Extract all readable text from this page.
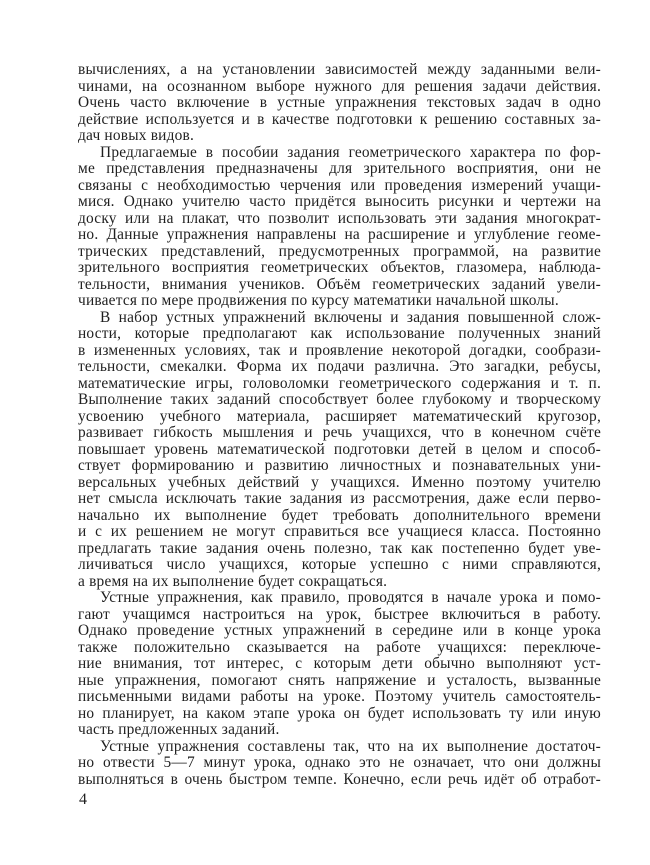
вычислениях, а на установлении зависимостей между заданными вели-
чинами, на осознанном выборе нужного для решения задачи действия.
Очень часто включение в устные упражнения текстовых задач в одно
действие используется и в качестве подготовки к решению составных за-
дач новых видов.
Предлагаемые в пособии задания геометрического характера по фор-
ме представления предназначены для зрительного восприятия, они не
связаны с необходимостью черчения или проведения измерений учащи-
мися. Однако учителю часто придётся выносить рисунки и чертежи на
доску или на плакат, что позволит использовать эти задания многократ-
но. Данные упражнения направлены на расширение и углубление геоме-
трических представлений, предусмотренных программой, на развитие
зрительного восприятия геометрических объектов, глазомера, наблюда-
тельности, внимания учеников. Объём геометрических заданий увели-
чивается по мере продвижения по курсу математики начальной школы.
В набор устных упражнений включены и задания повышенной слож-
ности, которые предполагают как использование полученных знаний
в измененных условиях, так и проявление некоторой догадки, сообрази-
тельности, смекалки. Форма их подачи различна. Это загадки, ребусы,
математические игры, головоломки геометрического содержания и т. п.
Выполнение таких заданий способствует более глубокому и творческому
усвоению учебного материала, расширяет математический кругозор,
развивает гибкость мышления и речь учащихся, что в конечном счёте
повышает уровень математической подготовки детей в целом и способ-
ствует формированию и развитию личностных и познавательных уни-
версальных учебных действий у учащихся. Именно поэтому учителю
нет смысла исключать такие задания из рассмотрения, даже если перво-
начально их выполнение будет требовать дополнительного времени
и с их решением не могут справиться все учащиеся класса. Постоянно
предлагать такие задания очень полезно, так как постепенно будет уве-
личиваться число учащихся, которые успешно с ними справляются,
а время на их выполнение будет сокращаться.
Устные упражнения, как правило, проводятся в начале урока и помо-
гают учащимся настроиться на урок, быстрее включиться в работу.
Однако проведение устных упражнений в середине или в конце урока
также положительно сказывается на работе учащихся: переключе-
ние внимания, тот интерес, с которым дети обычно выполняют уст-
ные упражнения, помогают снять напряжение и усталость, вызванные
письменными видами работы на уроке. Поэтому учитель самостоятель-
но планирует, на каком этапе урока он будет использовать ту или иную
часть предложенных заданий.
Устные упражнения составлены так, что на их выполнение достаточ-
но отвести 5—7 минут урока, однако это не означает, что они должны
выполняться в очень быстром темпе. Конечно, если речь идёт об отработ-
4
